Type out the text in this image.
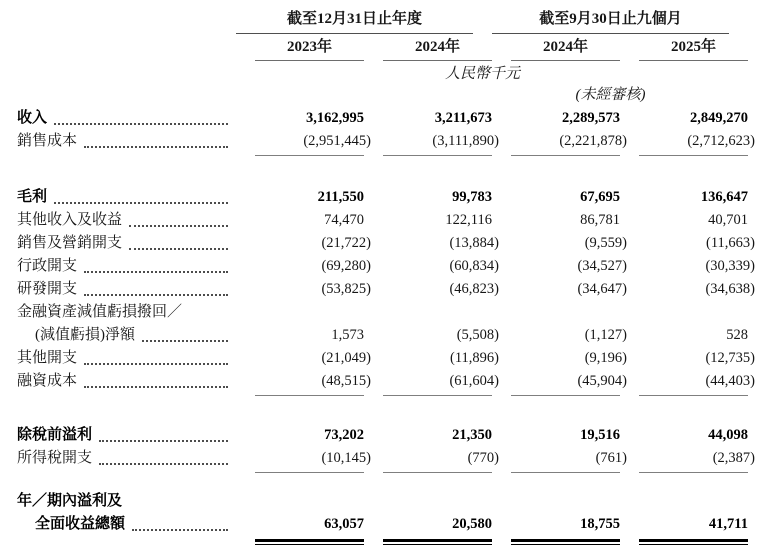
截至12月31日止年度	截至9月30日止九個月
2023年	2024年	2024年	2025年
人民幣千元
(未經審核)
收入	3,162,995	3,211,673	2,289,573	2,849,270
銷售成本	(2,951,445)	(3,111,890)	(2,221,878)	(2,712,623)
毛利	211,550	99,783	67,695	136,647
其他收入及收益	74,470	122,116	86,781	40,701
銷售及營銷開支	(21,722)	(13,884)	(9,559)	(11,663)
行政開支	(69,280)	(60,834)	(34,527)	(30,339)
研發開支	(53,825)	(46,823)	(34,647)	(34,638)
金融資產減值虧損撥回／
(減值虧損)淨額	1,573	(5,508)	(1,127)	528
其他開支	(21,049)	(11,896)	(9,196)	(12,735)
融資成本	(48,515)	(61,604)	(45,904)	(44,403)
除稅前溢利	73,202	21,350	19,516	44,098
所得稅開支	(10,145)	(770)	(761)	(2,387)
年／期內溢利及
全面收益總額	63,057	20,580	18,755	41,711
